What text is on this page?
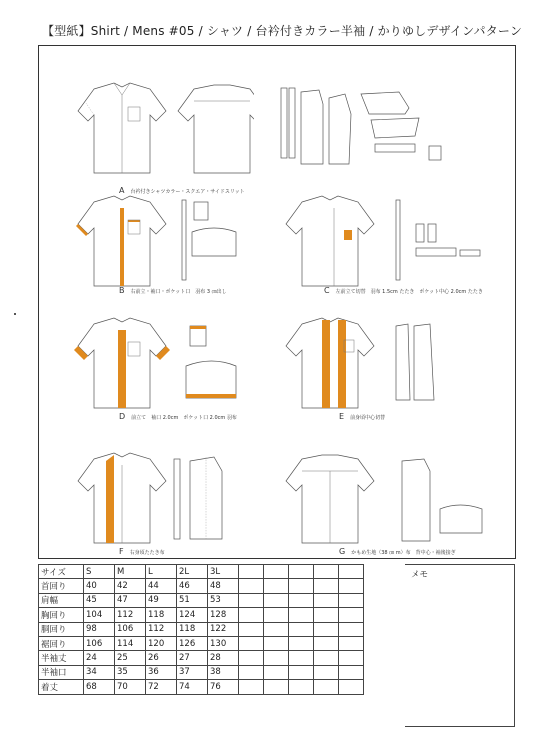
【型紙】Shirt / Mens #05 / シャツ / 台衿付きカラー半袖 / かりゆしデザインパターン
A 台衿付きシャツカラー・スクエア・サイドスリット
B 右前立・袖口・ポケット口　羽布 3 ㎝出し	C 左前立て切替　羽布 1.5cm たたき　ポケット中心 2.0cm たたき
D 前立て　袖口 2.0cm　ポケット口 2.0cm 羽布	E 前身頃中心切替
F 右身頃たたき布	G かもめ生地（38 ㎝ m）布　背中心・袖後接ぎ
サイズ	S	M	L	2L	3L					
首回り	40	42	44	46	48					
肩幅	45	47	49	51	53					
胸回り	104	112	118	124	128					
胴回り	98	106	112	118	122					
裾回り	106	114	120	126	130					
半袖丈	24	25	26	27	28					
半袖口	34	35	36	37	38					
着丈	68	70	72	74	76					
メモ
